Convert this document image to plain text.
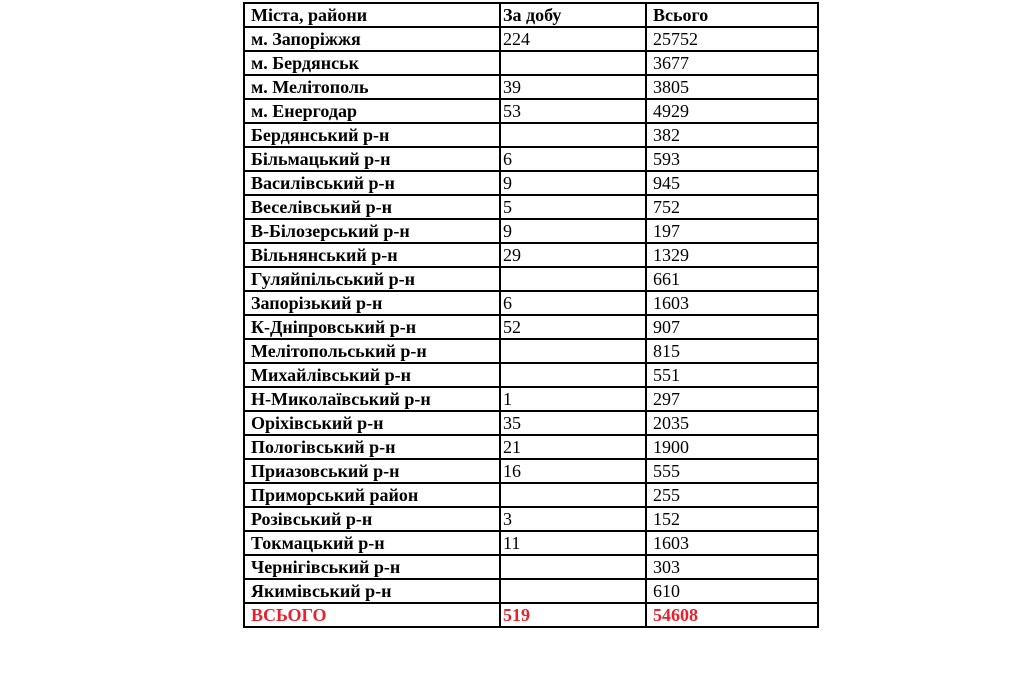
Міста, райони	За добу	Всього
м. Запоріжжя	224	25752
м. Бердянськ		3677
м. Мелітополь	39	3805
м. Енергодар	53	4929
Бердянський р-н		382
Більмацький р-н	6	593
Василівський р-н	9	945
Веселівський р-н	5	752
В-Білозерський р-н	9	197
Вільнянський р-н	29	1329
Гуляйпільський р-н		661
Запорізький р-н	6	1603
К-Дніпровський р-н	52	907
Мелітопольський р-н		815
Михайлівський р-н		551
Н-Миколаївський р-н	1	297
Оріхівський р-н	35	2035
Пологівський р-н	21	1900
Приазовський р-н	16	555
Приморський район		255
Розівський р-н	3	152
Токмацький р-н	11	1603
Чернігівський р-н		303
Якимівський р-н		610
ВСЬОГО	519	54608
